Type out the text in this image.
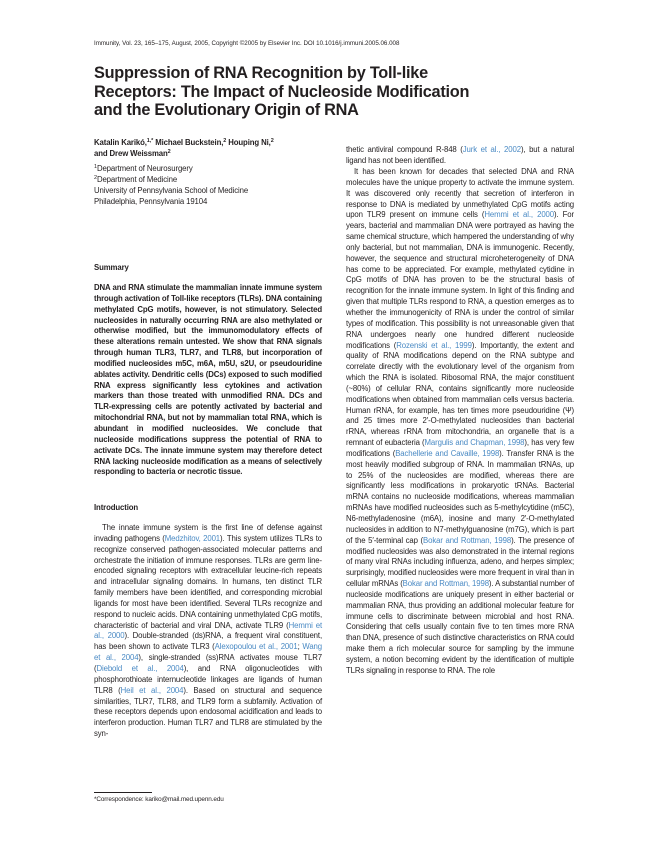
Immunity, Vol. 23, 165–175, August, 2005, Copyright ©2005 by Elsevier Inc. DOI 10.1016/j.immuni.2005.06.008
Suppression of RNA Recognition by Toll-like
Receptors: The Impact of Nucleoside Modification
and the Evolutionary Origin of RNA

Katalin Karikó,$^{1,*}$ Michael Buckstein,$^2$ Houping Ni,$^2$
and Drew Weissman$^2$

$^1$Department of Neurosurgery
$^2$Department of Medicine
University of Pennsylvania School of Medicine
Philadelphia, Pennsylvania 19104

Summary

DNA and RNA stimulate the mammalian innate immune system through activation of Toll-like receptors (TLRs). DNA containing methylated CpG motifs, however, is not stimulatory. Selected nucleosides in naturally occurring RNA are also methylated or otherwise modified, but the immunomodulatory effects of these alterations remain untested. We show that RNA signals through human TLR3, TLR7, and TLR8, but incorporation of modified nucleosides m5C, m6A, m5U, s2U, or pseudouridine ablates activity. Dendritic cells (DCs) exposed to such modified RNA express significantly less cytokines and activation markers than those treated with unmodified RNA. DCs and TLR-expressing cells are potently activated by bacterial and mitochondrial RNA, but not by mammalian total RNA, which is abundant in modified nucleosides. We conclude that nucleoside modifications suppress the potential of RNA to activate DCs. The innate immune system may therefore detect RNA lacking nucleoside modification as a means of selectively responding to bacteria or necrotic tissue.

Introduction

The innate immune system is the first line of defense against invading pathogens (Medzhitov, 2001). This system utilizes TLRs to recognize conserved pathogen-associated molecular patterns and orchestrate the initiation of immune responses. TLRs are germ line-encoded signaling receptors with extracellular leucine-rich repeats and intracellular signaling domains. In humans, ten distinct TLR family members have been identified, and corresponding microbial ligands for most have been identified. Several TLRs recognize and respond to nucleic acids. DNA containing unmethylated CpG motifs, characteristic of bacterial and viral DNA, activate TLR9 (Hemmi et al., 2000). Double-stranded (ds)RNA, a frequent viral constituent, has been shown to activate TLR3 (Alexopoulou et al., 2001; Wang et al., 2004), single-stranded (ss)RNA activates mouse TLR7 (Diebold et al., 2004), and RNA oligonucleotides with phosphorothioate internucleotide linkages are ligands of human TLR8 (Heil et al., 2004). Based on structural and sequence similarities, TLR7, TLR8, and TLR9 form a subfamily. Activation of these receptors depends upon endosomal acidification and leads to interferon production. Human TLR7 and TLR8 are stimulated by the syn-

*Correspondence: kariko@mail.med.upenn.edu

thetic antiviral compound R-848 (Jurk et al., 2002), but a natural ligand has not been identified.

It has been known for decades that selected DNA and RNA molecules have the unique property to activate the immune system. It was discovered only recently that secretion of interferon in response to DNA is mediated by unmethylated CpG motifs acting upon TLR9 present on immune cells (Hemmi et al., 2000). For years, bacterial and mammalian DNA were portrayed as having the same chemical structure, which hampered the understanding of why only bacterial, but not mammalian, DNA is immunogenic. Recently, however, the sequence and structural microheterogeneity of DNA has come to be appreciated. For example, methylated cytidine in CpG motifs of DNA has proven to be the structural basis of recognition for the innate immune system. In light of this finding and given that multiple TLRs respond to RNA, a question emerges as to whether the immunogenicity of RNA is under the control of similar types of modification. This possibility is not unreasonable given that RNA undergoes nearly one hundred different nucleoside modifications (Rozenski et al., 1999). Importantly, the extent and quality of RNA modifications depend on the RNA subtype and correlate directly with the evolutionary level of the organism from which the RNA is isolated. Ribosomal RNA, the major constituent (~80%) of cellular RNA, contains significantly more nucleoside modifications when obtained from mammalian cells versus bacteria. Human rRNA, for example, has ten times more pseudouridine (Ψ) and 25 times more 2′-O-methylated nucleosides than bacterial rRNA, whereas rRNA from mitochondria, an organelle that is a remnant of eubacteria (Margulis and Chapman, 1998), has very few modifications (Bachellerie and Cavaille, 1998). Transfer RNA is the most heavily modified subgroup of RNA. In mammalian tRNAs, up to 25% of the nucleosides are modified, whereas there are significantly less modifications in prokaryotic tRNAs. Bacterial mRNA contains no nucleoside modifications, whereas mammalian mRNAs have modified nucleosides such as 5-methylcytidine (m5C), N6-methyladenosine (m6A), inosine and many 2′-O-methylated nucleosides in addition to N7-methylguanosine (m7G), which is part of the 5′-terminal cap (Bokar and Rottman, 1998). The presence of modified nucleosides was also demonstrated in the internal regions of many viral RNAs including influenza, adeno, and herpes simplex; surprisingly, modified nucleosides were more frequent in viral than in cellular mRNAs (Bokar and Rottman, 1998). A substantial number of nucleoside modifications are uniquely present in either bacterial or mammalian RNA, thus providing an additional molecular feature for immune cells to discriminate between microbial and host RNA. Considering that cells usually contain five to ten times more RNA than DNA, presence of such distinctive characteristics on RNA could make them a rich molecular source for sampling by the immune system, a notion becoming evident by the identification of multiple TLRs signaling in response to RNA. The role
